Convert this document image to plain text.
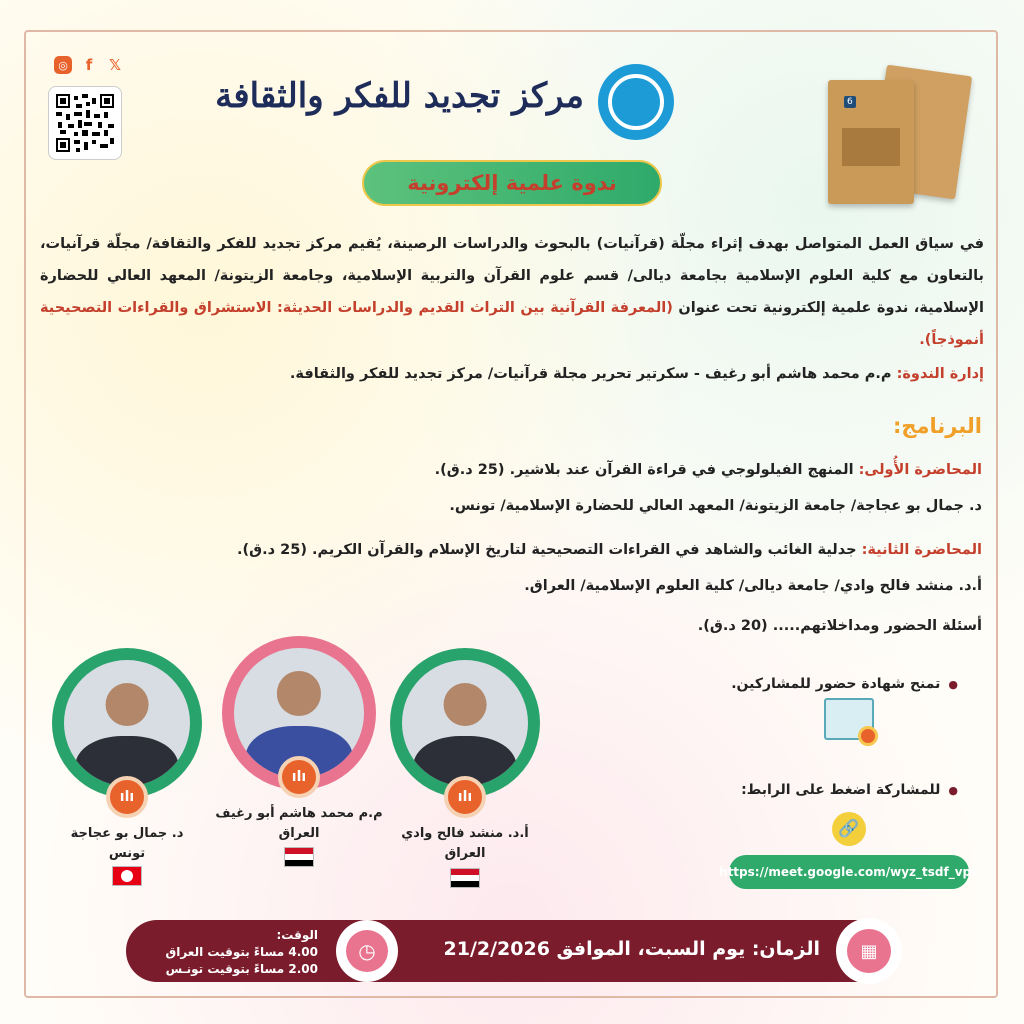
◎	f	𝕏
مركز تجديد للفكر والثقافة	6
ندوة علمية إلكترونية
في سياق العمل المتواصل بهدف إثراء مجلّة (قرآنيات) بالبحوث والدراسات الرصينة، يُقيم مركز تجديد للفكر والثقافة/ مجلّة قرآنيات، بالتعاون مع كلية العلوم الإسلامية بجامعة ديالى/ قسم علوم القرآن والتربية الإسلامية، وجامعة الزيتونة/ المعهد العالي للحضارة الإسلامية، ندوة علمية إلكترونية تحت عنوان (المعرفة القرآنية بين التراث القديم والدراسات الحديثة: الاستشراق والقراءات التصحيحية أنموذجاً).
إدارة الندوة: م.م محمد هاشم أبو رغيف - سكرتير تحرير مجلة قرآنيات/ مركز تجديد للفكر والثقافة.
البرنامج:
المحاضرة الأُولى: المنهج الفيلولوجي في قراءة القرآن عند بلاشير. (25 د.ق).
د. جمال بو عجاجة/ جامعة الزيتونة/ المعهد العالي للحضارة الإسلامية/ تونس.
المحاضرة الثانية: جدلية الغائب والشاهد في القراءات التصحيحية لتاريخ الإسلام والقرآن الكريم. (25 د.ق).
أ.د. منشد فالح وادي/ جامعة ديالى/ كلية العلوم الإسلامية/ العراق.
أسئلة الحضور ومداخلاتهم..... (20 د.ق).
● تمنح شهادة حضور للمشاركين.
● للمشاركة اضغط على الرابط:
🔗
https://meet.google.com/wyz_tsdf_vpv
ılı
د. جمال بو عجاجة
تونس
ılı
م.م محمد هاشم أبو رغيف
العراق
ılı
أ.د. منشد فالح وادي
العراق
الوقت:
4.00 مساءً بتوقيت العراق
2.00 مساءً بتوقيت تونـس
◷	الزمان: يوم السبت، الموافق 21/2/2026	▦
